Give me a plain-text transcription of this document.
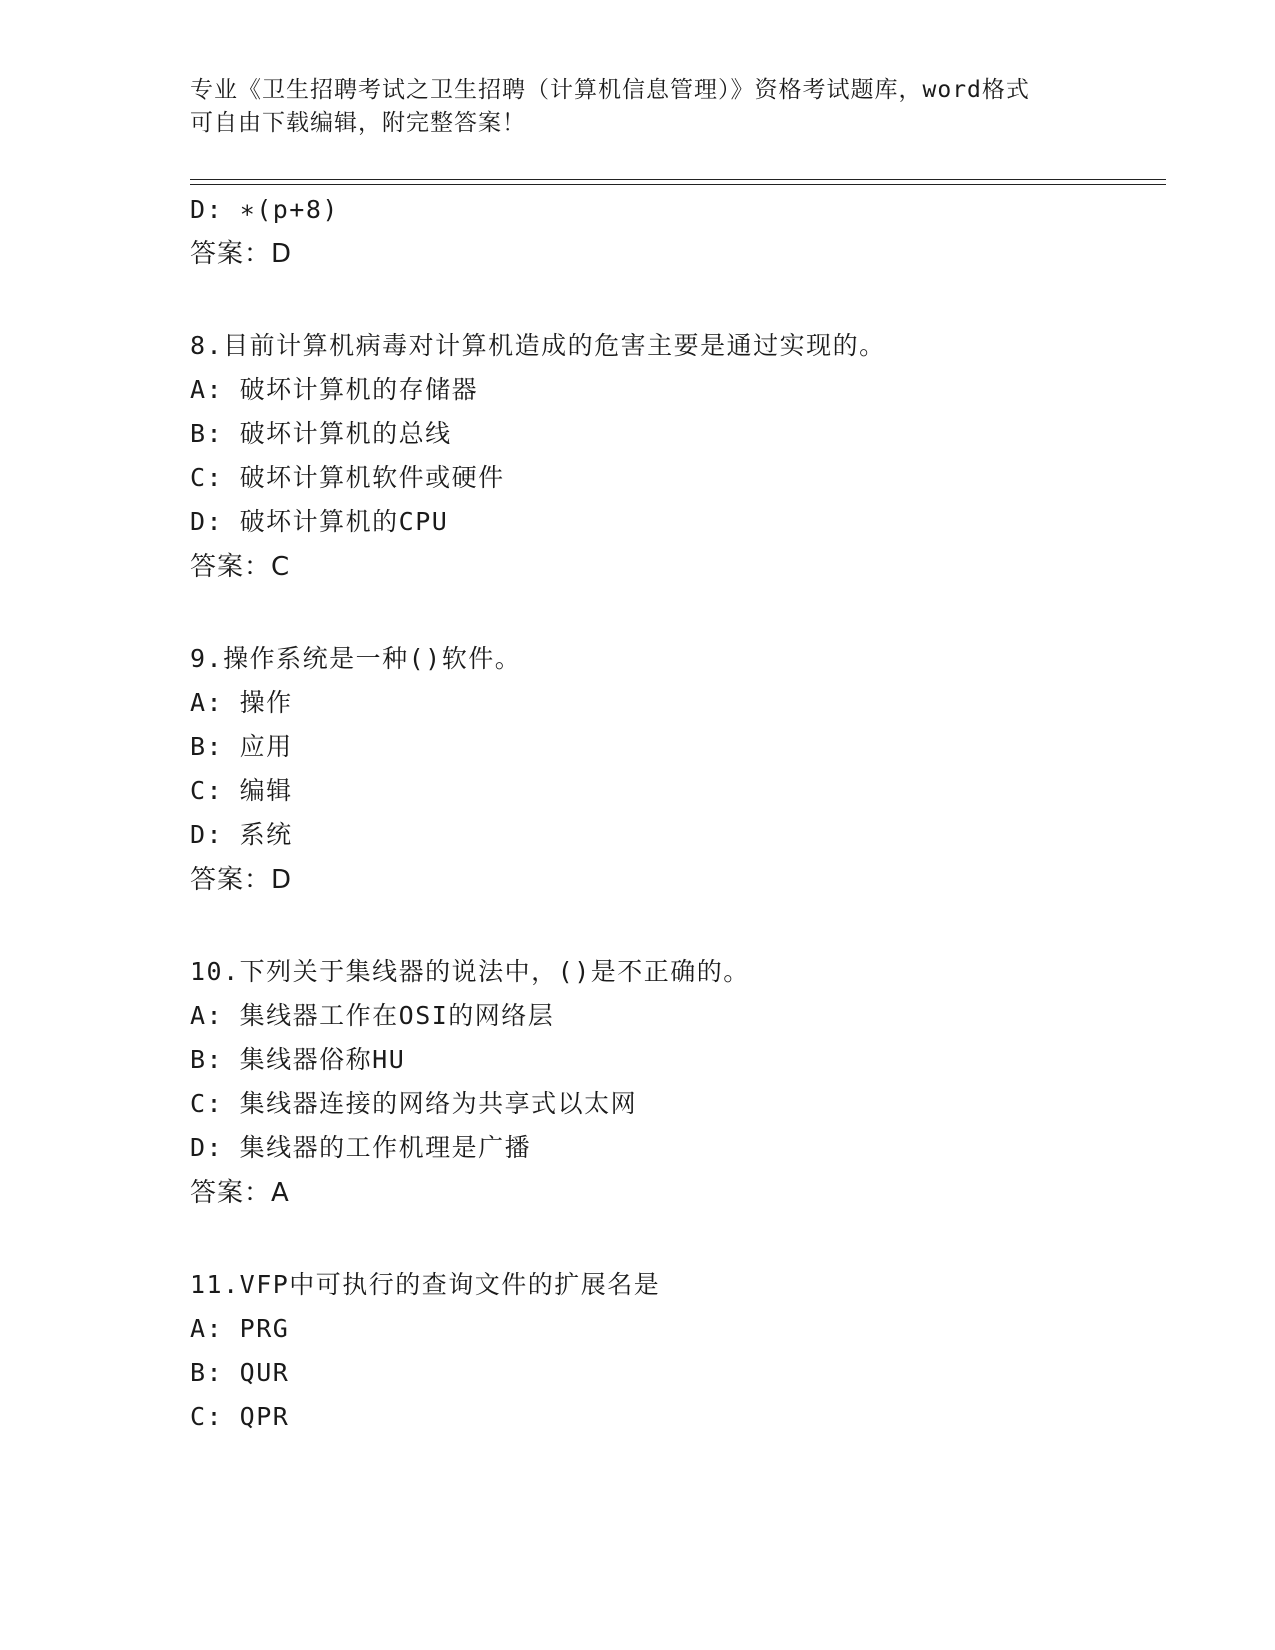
专业《卫生招聘考试之卫生招聘（计算机信息管理）》资格考试题库，word格式
可自由下载编辑，附完整答案！
D: ∗(p+8)
答案：D
8.目前计算机病毒对计算机造成的危害主要是通过实现的。
A: 破坏计算机的存储器
B: 破坏计算机的总线
C: 破坏计算机软件或硬件
D: 破坏计算机的CPU
答案：C
9.操作系统是一种()软件。
A: 操作
B: 应用
C: 编辑
D: 系统
答案：D
10.下列关于集线器的说法中，()是不正确的。
A: 集线器工作在OSI的网络层
B: 集线器俗称HU
C: 集线器连接的网络为共享式以太网
D: 集线器的工作机理是广播
答案：A
11.VFP中可执行的查询文件的扩展名是
A: PRG
B: QUR
C: QPR
